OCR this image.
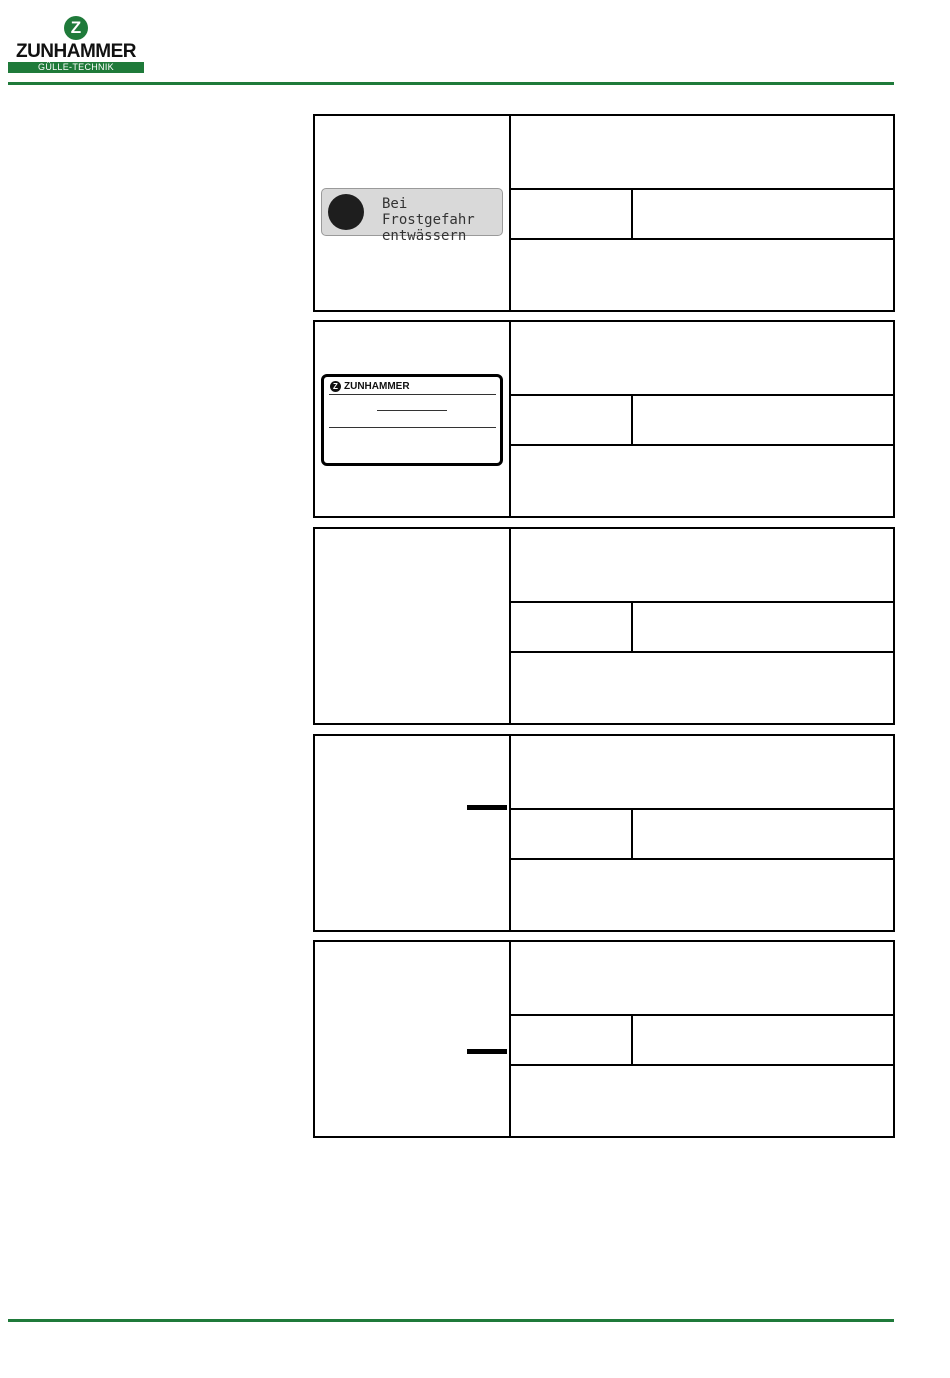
Z
ZUNHAMMER
GÜLLE-TECHNIK
Bei Frostgefahr
entwässern
Z ZUNHAMMER
